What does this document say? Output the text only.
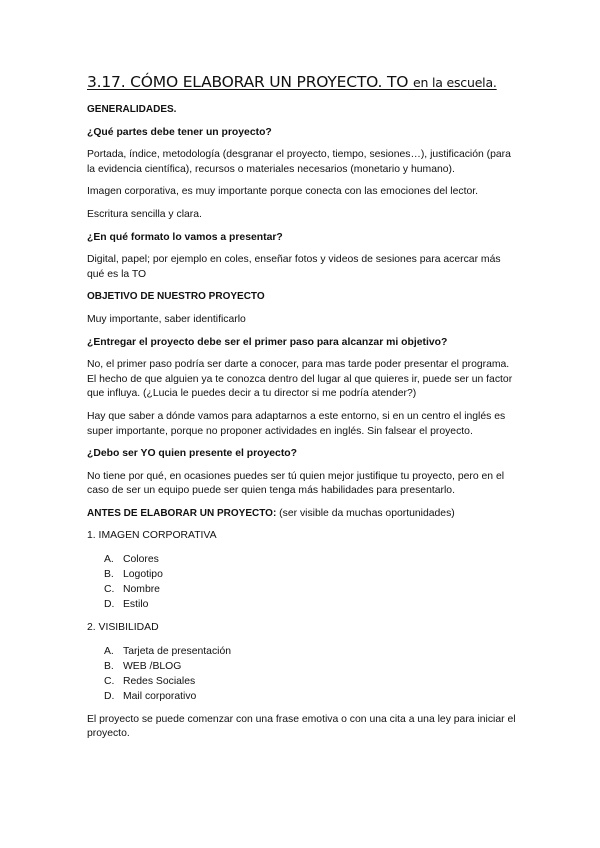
3.17. CÓMO ELABORAR UN PROYECTO. TO en la escuela.

GENERALIDADES.

¿Qué partes debe tener un proyecto?

Portada, índice, metodología (desgranar el proyecto, tiempo, sesiones…), justificación (para la evidencia científica), recursos o materiales necesarios (monetario y humano).

Imagen corporativa, es muy importante porque conecta con las emociones del lector.

Escritura sencilla y clara.

¿En qué formato lo vamos a presentar?

Digital, papel; por ejemplo en coles, enseñar fotos y videos de sesiones para acercar más qué es la TO

OBJETIVO DE NUESTRO PROYECTO

Muy importante, saber identificarlo

¿Entregar el proyecto debe ser el primer paso para alcanzar mi objetivo?

No, el primer paso podría ser darte a conocer, para mas tarde poder presentar el programa. El hecho de que alguien ya te conozca dentro del lugar al que quieres ir, puede ser un factor que influya. (¿Lucia le puedes decir a tu director si me podría atender?)

Hay que saber a dónde vamos para adaptarnos a este entorno, si en un centro el inglés es super importante, porque no proponer actividades en inglés. Sin falsear el proyecto.

¿Debo ser YO quien presente el proyecto?

No tiene por qué, en ocasiones puedes ser tú quien mejor justifique tu proyecto, pero en el caso de ser un equipo puede ser quien tenga más habilidades para presentarlo.

ANTES DE ELABORAR UN PROYECTO: (ser visible da muchas oportunidades)

1. IMAGEN CORPORATIVA

A. Colores
B. Logotipo
C. Nombre
D. Estilo

2. VISIBILIDAD

A. Tarjeta de presentación
B. WEB /BLOG
C. Redes Sociales
D. Mail corporativo

El proyecto se puede comenzar con una frase emotiva o con una cita a una ley para iniciar el proyecto.
